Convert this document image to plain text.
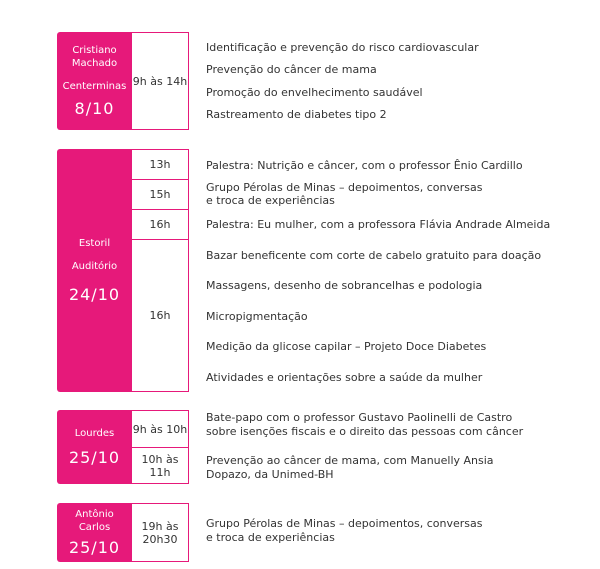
Cristiano
Machado
Centerminas
8/10
9h às 14h
Identificação e prevenção do risco cardiovascular
Prevenção do câncer de mama
Promoção do envelhecimento saudável
Rastreamento de diabetes tipo 2
Estoril
Auditório
24/10
13h
15h
16h
16h
Palestra: Nutrição e câncer, com o professor Ênio Cardillo
Grupo Pérolas de Minas – depoimentos, conversas
e troca de experiências
Palestra: Eu mulher, com a professora Flávia Andrade Almeida
Bazar beneficente com corte de cabelo gratuito para doação
Massagens, desenho de sobrancelhas e podologia
Micropigmentação
Medição da glicose capilar – Projeto Doce Diabetes
Atividades e orientações sobre a saúde da mulher
Lourdes
25/10
9h às 10h
10h às 11h
Bate-papo com o professor Gustavo Paolinelli de Castro
sobre isenções fiscais e o direito das pessoas com câncer
Prevenção ao câncer de mama, com Manuelly Ansia
Dopazo, da Unimed-BH
Antônio
Carlos
25/10
19h às
20h30
Grupo Pérolas de Minas – depoimentos, conversas
e troca de experiências
